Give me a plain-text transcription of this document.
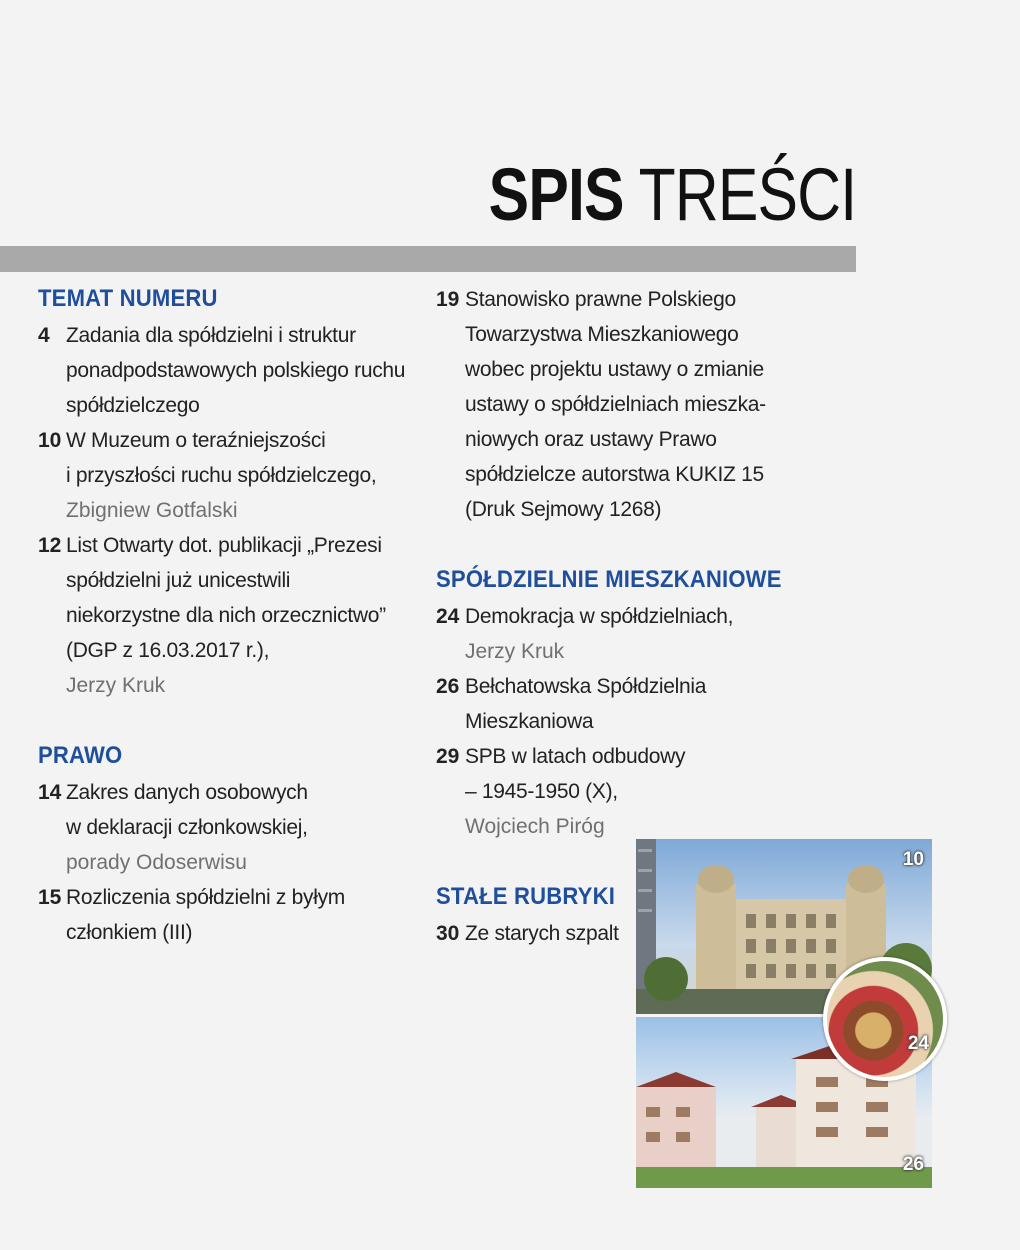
SPIS TREŚCI
TEMAT NUMERU
4 Zadania dla spółdzielni i struktur
ponadpodstawowych polskiego ruchu
spółdzielczego
10 W Muzeum o teraźniejszości
i przyszłości ruchu spółdzielczego,
Zbigniew Gotfalski
12 List Otwarty dot. publikacji „Prezesi
spółdzielni już unicestwili
niekorzystne dla nich orzecznictwo”
(DGP z 16.03.2017 r.),
Jerzy Kruk
PRAWO
14 Zakres danych osobowych
w deklaracji członkowskiej,
porady Odoserwisu
15 Rozliczenia spółdzielni z byłym
członkiem (III)
19 Stanowisko prawne Polskiego
Towarzystwa Mieszkaniowego
wobec projektu ustawy o zmianie
ustawy o spółdzielniach mieszka-
niowych oraz ustawy Prawo
spółdzielcze autorstwa KUKIZ 15
(Druk Sejmowy 1268)
SPÓŁDZIELNIE MIESZKANIOWE
24 Demokracja w spółdzielniach,
Jerzy Kruk
26 Bełchatowska Spółdzielnia
Mieszkaniowa
29 SPB w latach odbudowy
– 1945-1950 (X),
Wojciech Piróg
STAŁE RUBRYKI
30 Ze starych szpalt
10
26
24
